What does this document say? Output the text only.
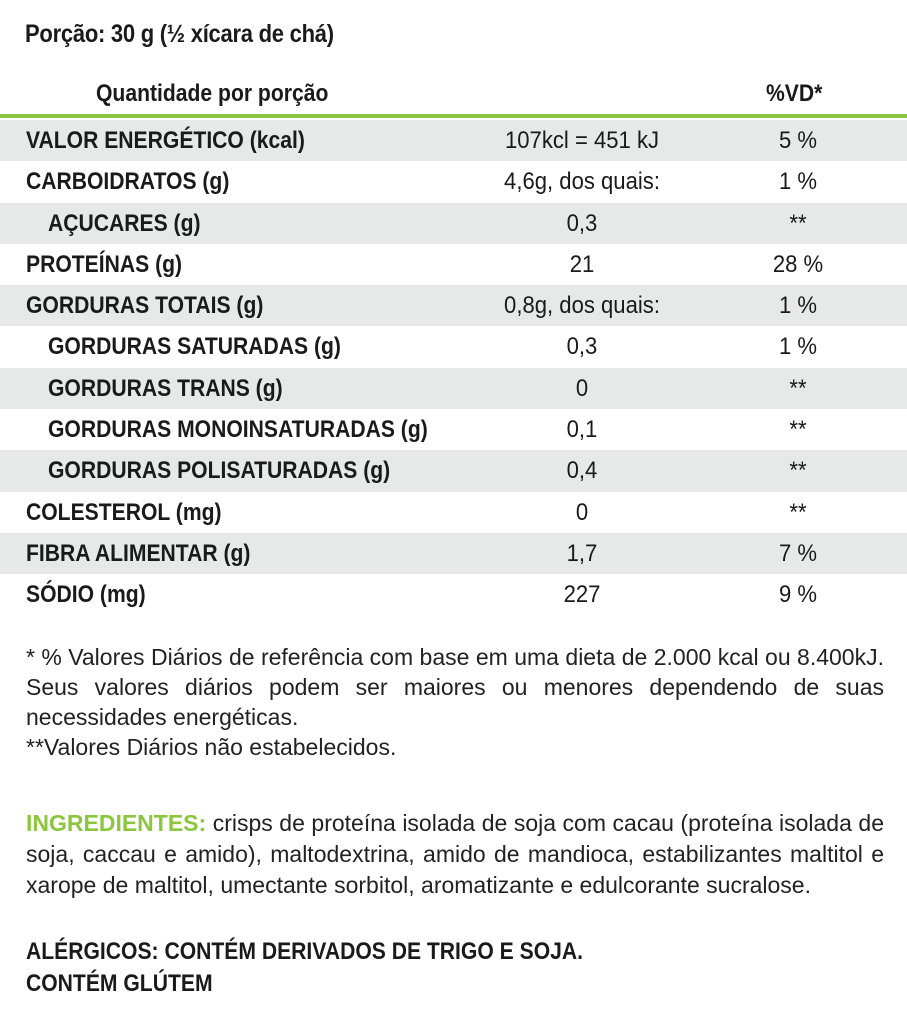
Porção: 30 g (½ xícara de chá)
Quantidade por porção	%VD*
VALOR ENERGÉTICO (kcal)	107kcl = 451 kJ	5 %
CARBOIDRATOS (g)	4,6g, dos quais:	1 %
AÇUCARES (g)	0,3	**
PROTEÍNAS (g)	21	28 %
GORDURAS TOTAIS (g)	0,8g, dos quais:	1 %
GORDURAS SATURADAS (g)	0,3	1 %
GORDURAS TRANS (g)	0	**
GORDURAS MONOINSATURADAS (g)	0,1	**
GORDURAS POLISATURADAS (g)	0,4	**
COLESTEROL (mg)	0	**
FIBRA ALIMENTAR (g)	1,7	7 %
SÓDIO (mg)	227	9 %

* % Valores Diários de referência com base em uma dieta de 2.000 kcal ou 8.400kJ. Seus valores diários podem ser maiores ou menores dependendo de suas necessidades energéticas.

**Valores Diários não estabelecidos.

INGREDIENTES: crisps de proteína isolada de soja com cacau (proteína isolada de soja, caccau e amido), maltodextrina, amido de mandioca, estabilizantes maltitol e xarope de maltitol, umectante sorbitol, aromatizante e edulcorante sucralose.
ALÉRGICOS: CONTÉM DERIVADOS DE TRIGO E SOJA.
CONTÉM GLÚTEM
